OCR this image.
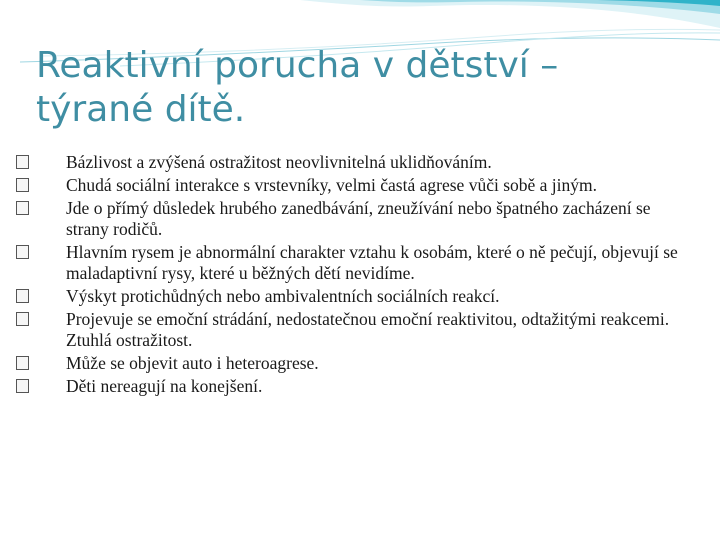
Reaktivní porucha v dětství – týrané dítě.
Bázlivost a zvýšená ostražitost neovlivnitelná uklidňováním.
Chudá sociální interakce s vrstevníky, velmi častá agrese vůči sobě a jiným.
Jde o přímý důsledek hrubého zanedbávání, zneužívání nebo špatného zacházení se strany rodičů.
Hlavním rysem je abnormální charakter vztahu k osobám, které o ně pečují, objevují se maladaptivní rysy, které u běžných dětí nevidíme.
Výskyt protichůdných nebo ambivalentních sociálních reakcí.
Projevuje se emoční strádání, nedostatečnou emoční reaktivitou, odtažitými reakcemi. Ztuhlá ostražitost.
Může se objevit auto i heteroagrese.
Děti nereagují na konejšení.
